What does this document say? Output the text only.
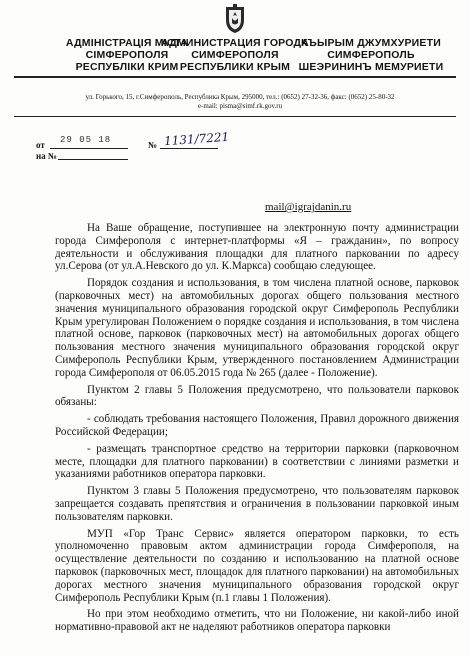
АДМІНІСТРАЦІЯ МІСТА СІМФЕРОПОЛЯ РЕСПУБЛІКИ КРИМ
АДМИНИСТРАЦИЯ ГОРОДА СИМФЕРОПОЛЯ РЕСПУБЛИКИ КРЫМ
КЪЫРЫМ ДЖУМХУРИЕТИ СИМФЕРОПОЛЬ ШЕЭРИНИНЪ МЕМУРИЕТИ
ул. Горького, 15, г.Симферополь, Республика Крым, 295000, тел.: (0652) 27-32-36, факс: (0652) 25-80-32
e-mail: pisma@simf.rk.gov.ru
от 29 05 18	№ 1131/7221
на №
mail@igrajdanin.ru

На Ваше обращение, поступившее на электронную почту администрации города Симферополя с интернет-платформы «Я – гражданин», по вопросу деятельности и обслуживания площадки для платного парковании по адресу ул.Серова (от ул.А.Невского до ул. К.Маркса) сообщаю следующее.

Порядок создания и использования, в том числена платной основе, парковок (парковочных мест) на автомобильных дорогах общего пользования местного значения муниципального образования городской округ Симферополь Республики Крым урегулирован Положением о порядке создания и использования, в том числена платной основе, парковок (парковочных мест) на автомобильных дорогах общего пользования местного значения муниципального образования городской округ Симферополь Республики Крым, утвержденного постановлением Администрации города Симферополя от 06.05.2015 года № 265 (далее - Положение).

Пунктом 2 главы 5 Положения предусмотрено, что пользователи парковок обязаны:

- соблюдать требования настоящего Положения, Правил дорожного движения Российской Федерации;

- размещать транспортное средство на территории парковки (парковочном месте, площадки для платного парковании) в соответствии с линиями разметки и указаниями работников оператора парковки.

Пунктом 3 главы 5 Положения предусмотрено, что пользователям парковок запрещается создавать препятствия и ограничения в пользовании парковкой иным пользователям парковки.

МУП «Гор Транс Сервис» является оператором парковки, то есть уполномоченно правовым актом администрации города Симферополя, на осуществление деятельности по созданию и использованию на платной основе парковок (парковочных мест, площадок для платного парковании) на автомобильных дорогах местного значения муниципального образования городской округ Симферополь Республики Крым (п.1 главы 1 Положения).

Но при этом необходимо отметить, что ни Положение, ни какой-либо иной нормативно-правовой акт не наделяют работников оператора парковки
